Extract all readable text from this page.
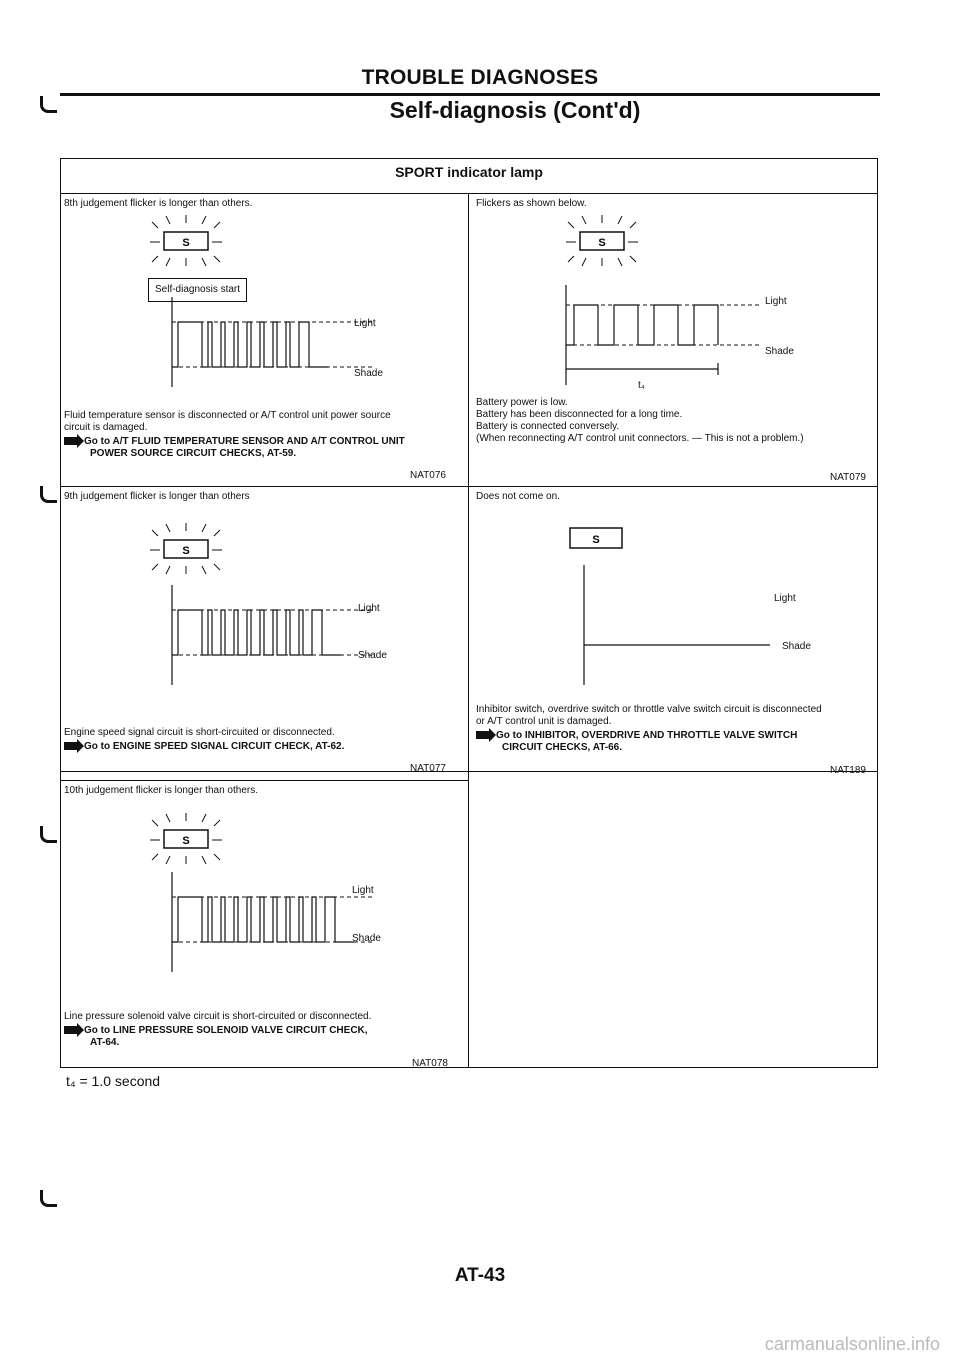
TROUBLE DIAGNOSES
Self-diagnosis (Cont'd)
SPORT indicator lamp
8th judgement flicker is longer than others.
S
Self-diagnosis start
Light
Shade
Fluid temperature sensor is disconnected or A/T control unit power source
circuit is damaged.
Go to A/T FLUID TEMPERATURE SENSOR AND A/T CONTROL UNIT
POWER SOURCE CIRCUIT CHECKS, AT-59.
NAT076
9th judgement flicker is longer than others
S
Light
Shade
Engine speed signal circuit is short-circuited or disconnected.
Go to ENGINE SPEED SIGNAL CIRCUIT CHECK, AT-62.
NAT077
Flickers as shown below.
S
Light
Shade
t₄
Battery power is low.
Battery has been disconnected for a long time.
Battery is connected conversely.
(When reconnecting A/T control unit connectors. — This is not a problem.)
NAT079
Does not come on.
S
Light
Shade
Inhibitor switch, overdrive switch or throttle valve switch circuit is disconnected
or A/T control unit is damaged.
Go to INHIBITOR, OVERDRIVE AND THROTTLE VALVE SWITCH
CIRCUIT CHECKS, AT-66.
NAT189
10th judgement flicker is longer than others.
S
Light
Shade
Line pressure solenoid valve circuit is short-circuited or disconnected.
Go to LINE PRESSURE SOLENOID VALVE CIRCUIT CHECK,
AT-64.
NAT078
t₄ = 1.0 second
AT-43
carmanualsonline.info
